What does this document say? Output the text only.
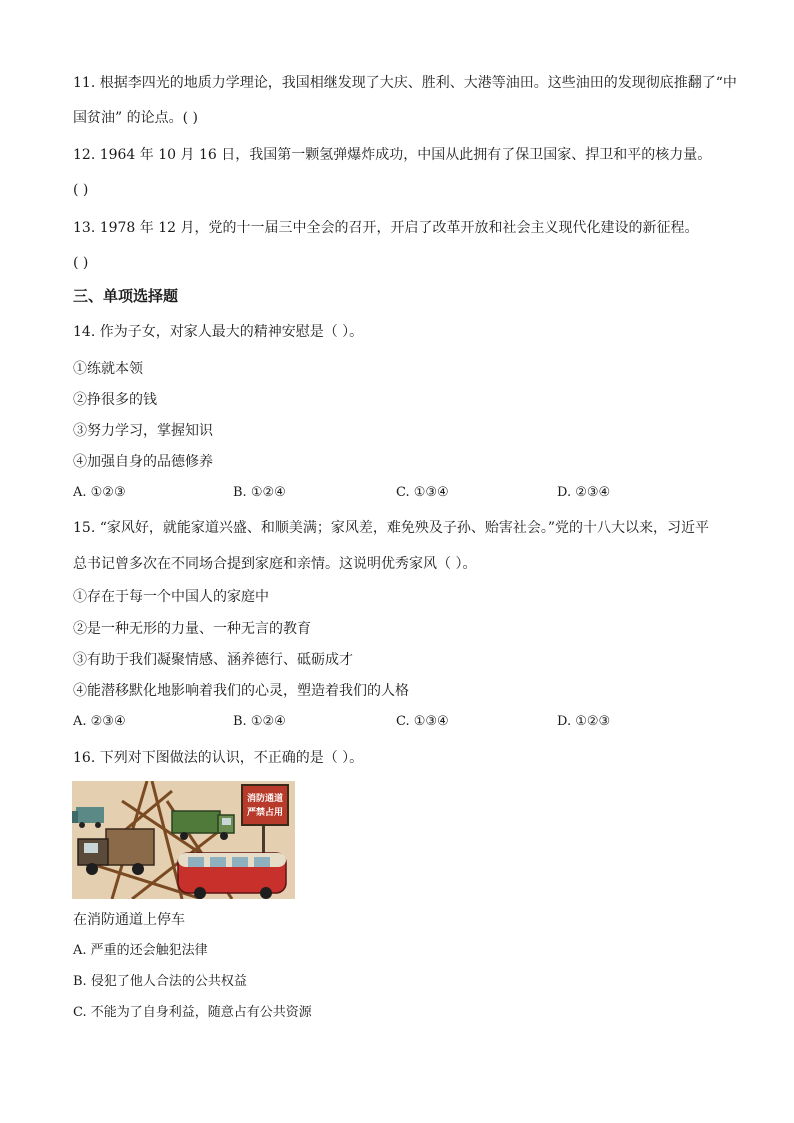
11. 根据李四光的地质力学理论，我国相继发现了大庆、胜利、大港等油田。这些油田的发现彻底推翻了“中
国贫油” 的论点。( )
12. 1964 年 10 月 16 日，我国第一颗氢弹爆炸成功，中国从此拥有了保卫国家、捍卫和平的核力量。
( )
13. 1978 年 12 月，党的十一届三中全会的召开，开启了改革开放和社会主义现代化建设的新征程。
( )
三、单项选择题
14. 作为子女，对家人最大的精神安慰是（ ）。
①练就本领
②挣很多的钱
③努力学习，掌握知识
④加强自身的品德修养
A. ①②③	B. ①②④	C. ①③④	D. ②③④
15. “家风好，就能家道兴盛、和顺美满；家风差，难免殃及子孙、贻害社会。”党的十八大以来，习近平
总书记曾多次在不同场合提到家庭和亲情。这说明优秀家风（ ）。
①存在于每一个中国人的家庭中
②是一种无形的力量、一种无言的教育
③有助于我们凝聚情感、涵养德行、砥砺成才
④能潜移默化地影响着我们的心灵，塑造着我们的人格
A. ②③④	B. ①②④	C. ①③④	D. ①②③
16. 下列对下图做法的认识，不正确的是（ ）。
消防通道
严禁占用
在消防通道上停车
A. 严重的还会触犯法律
B. 侵犯了他人合法的公共权益
C. 不能为了自身利益，随意占有公共资源
